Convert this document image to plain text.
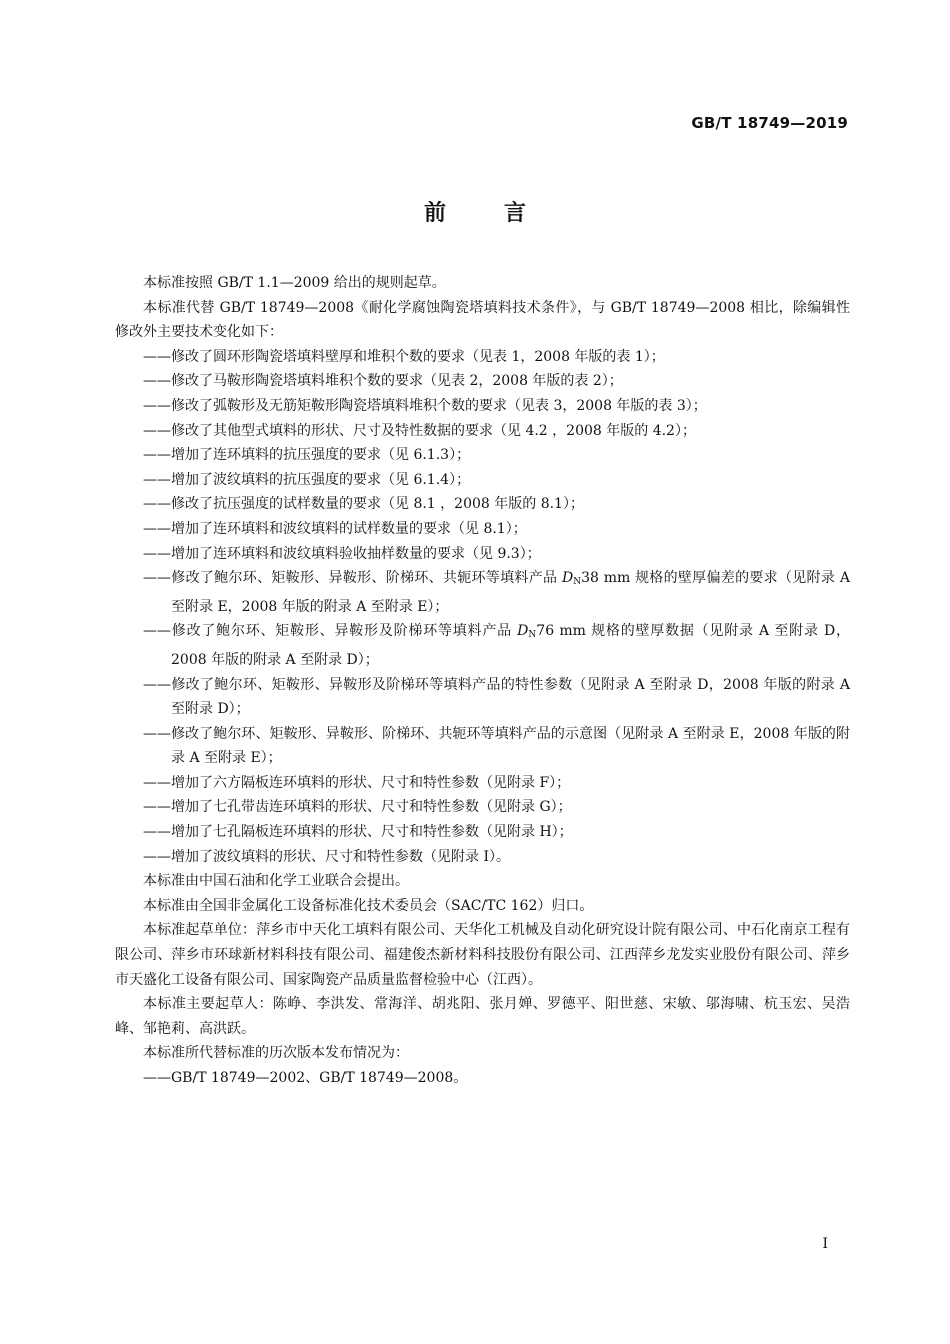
GB/T 18749—2019
前言
本标准按照 GB/T 1.1—2009 给出的规则起草。
本标准代替 GB/T 18749—2008《耐化学腐蚀陶瓷塔填料技术条件》，与 GB/T 18749—2008 相比，除编辑性修改外主要技术变化如下：
——修改了圆环形陶瓷塔填料壁厚和堆积个数的要求（见表 1，2008 年版的表 1）；
——修改了马鞍形陶瓷塔填料堆积个数的要求（见表 2，2008 年版的表 2）；
——修改了弧鞍形及无筋矩鞍形陶瓷塔填料堆积个数的要求（见表 3，2008 年版的表 3）；
——修改了其他型式填料的形状、尺寸及特性数据的要求（见 4.2 ，2008 年版的 4.2）；
——增加了连环填料的抗压强度的要求（见 6.1.3）；
——增加了波纹填料的抗压强度的要求（见 6.1.4）；
——修改了抗压强度的试样数量的要求（见 8.1 ，2008 年版的 8.1）；
——增加了连环填料和波纹填料的试样数量的要求（见 8.1）；
——增加了连环填料和波纹填料验收抽样数量的要求（见 9.3）；
——修改了鲍尔环、矩鞍形、异鞍形、阶梯环、共轭环等填料产品 $D_N38$ mm 规格的壁厚偏差的要求（见附录 A 至附录 E，2008 年版的附录 A 至附录 E）；
——修改了鲍尔环、矩鞍形、异鞍形及阶梯环等填料产品 $D_N76$ mm 规格的壁厚数据（见附录 A 至附录 D，2008 年版的附录 A 至附录 D）；
——修改了鲍尔环、矩鞍形、异鞍形及阶梯环等填料产品的特性参数（见附录 A 至附录 D，2008 年版的附录 A 至附录 D）；
——修改了鲍尔环、矩鞍形、异鞍形、阶梯环、共轭环等填料产品的示意图（见附录 A 至附录 E，2008 年版的附录 A 至附录 E）；
——增加了六方隔板连环填料的形状、尺寸和特性参数（见附录 F）；
——增加了七孔带齿连环填料的形状、尺寸和特性参数（见附录 G）；
——增加了七孔隔板连环填料的形状、尺寸和特性参数（见附录 H）；
——增加了波纹填料的形状、尺寸和特性参数（见附录 I）。
本标准由中国石油和化学工业联合会提出。
本标准由全国非金属化工设备标准化技术委员会（SAC/TC 162）归口。
本标准起草单位：萍乡市中天化工填料有限公司、天华化工机械及自动化研究设计院有限公司、中石化南京工程有限公司、萍乡市环球新材料科技有限公司、福建俊杰新材料科技股份有限公司、江西萍乡龙发实业股份有限公司、萍乡市天盛化工设备有限公司、国家陶瓷产品质量监督检验中心（江西）。
本标准主要起草人：陈峥、李洪发、常海洋、胡兆阳、张月婵、罗德平、阳世慈、宋敏、邬海啸、杭玉宏、吴浩峰、邹艳莉、高洪跃。
本标准所代替标准的历次版本发布情况为：
——GB/T 18749—2002、GB/T 18749—2008。
I
